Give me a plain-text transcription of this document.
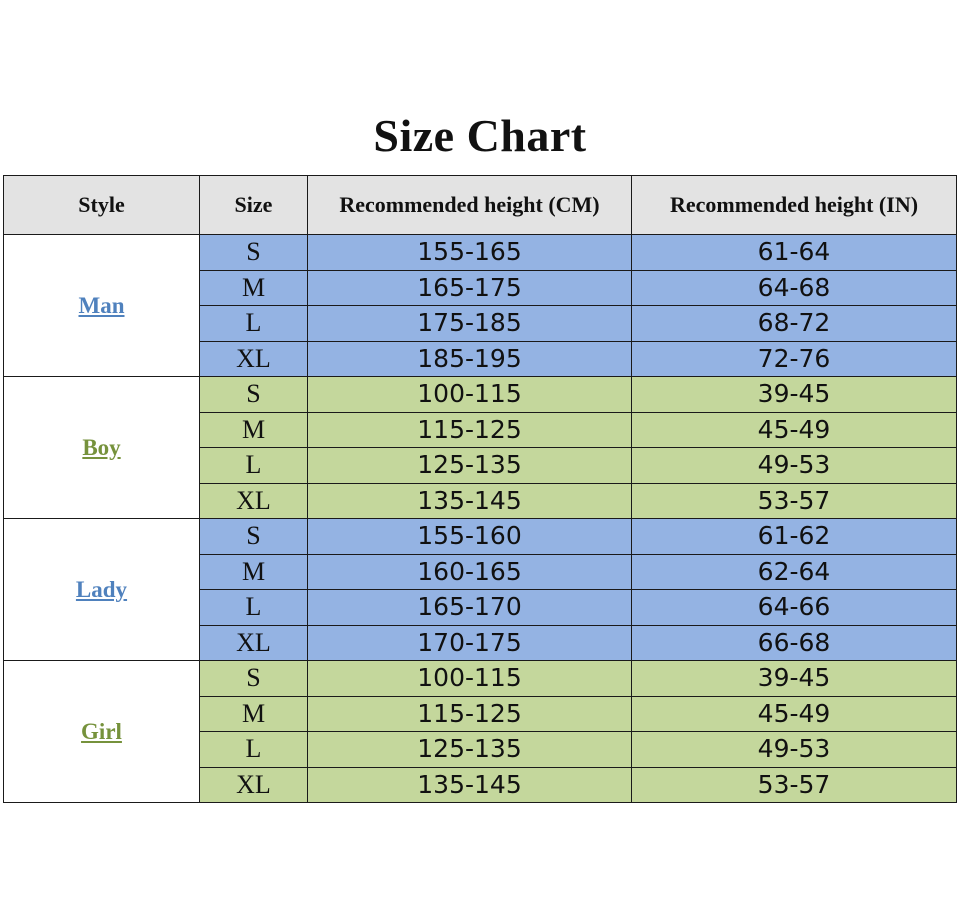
Size Chart
Style	Size	Recommended height (CM)	Recommended height (IN)
Man	S	155-165	61-64
	M	165-175	64-68
	L	175-185	68-72
	XL	185-195	72-76
Boy	S	100-115	39-45
	M	115-125	45-49
	L	125-135	49-53
	XL	135-145	53-57
Lady	S	155-160	61-62
	M	160-165	62-64
	L	165-170	64-66
	XL	170-175	66-68
Girl	S	100-115	39-45
	M	115-125	45-49
	L	125-135	49-53
	XL	135-145	53-57
